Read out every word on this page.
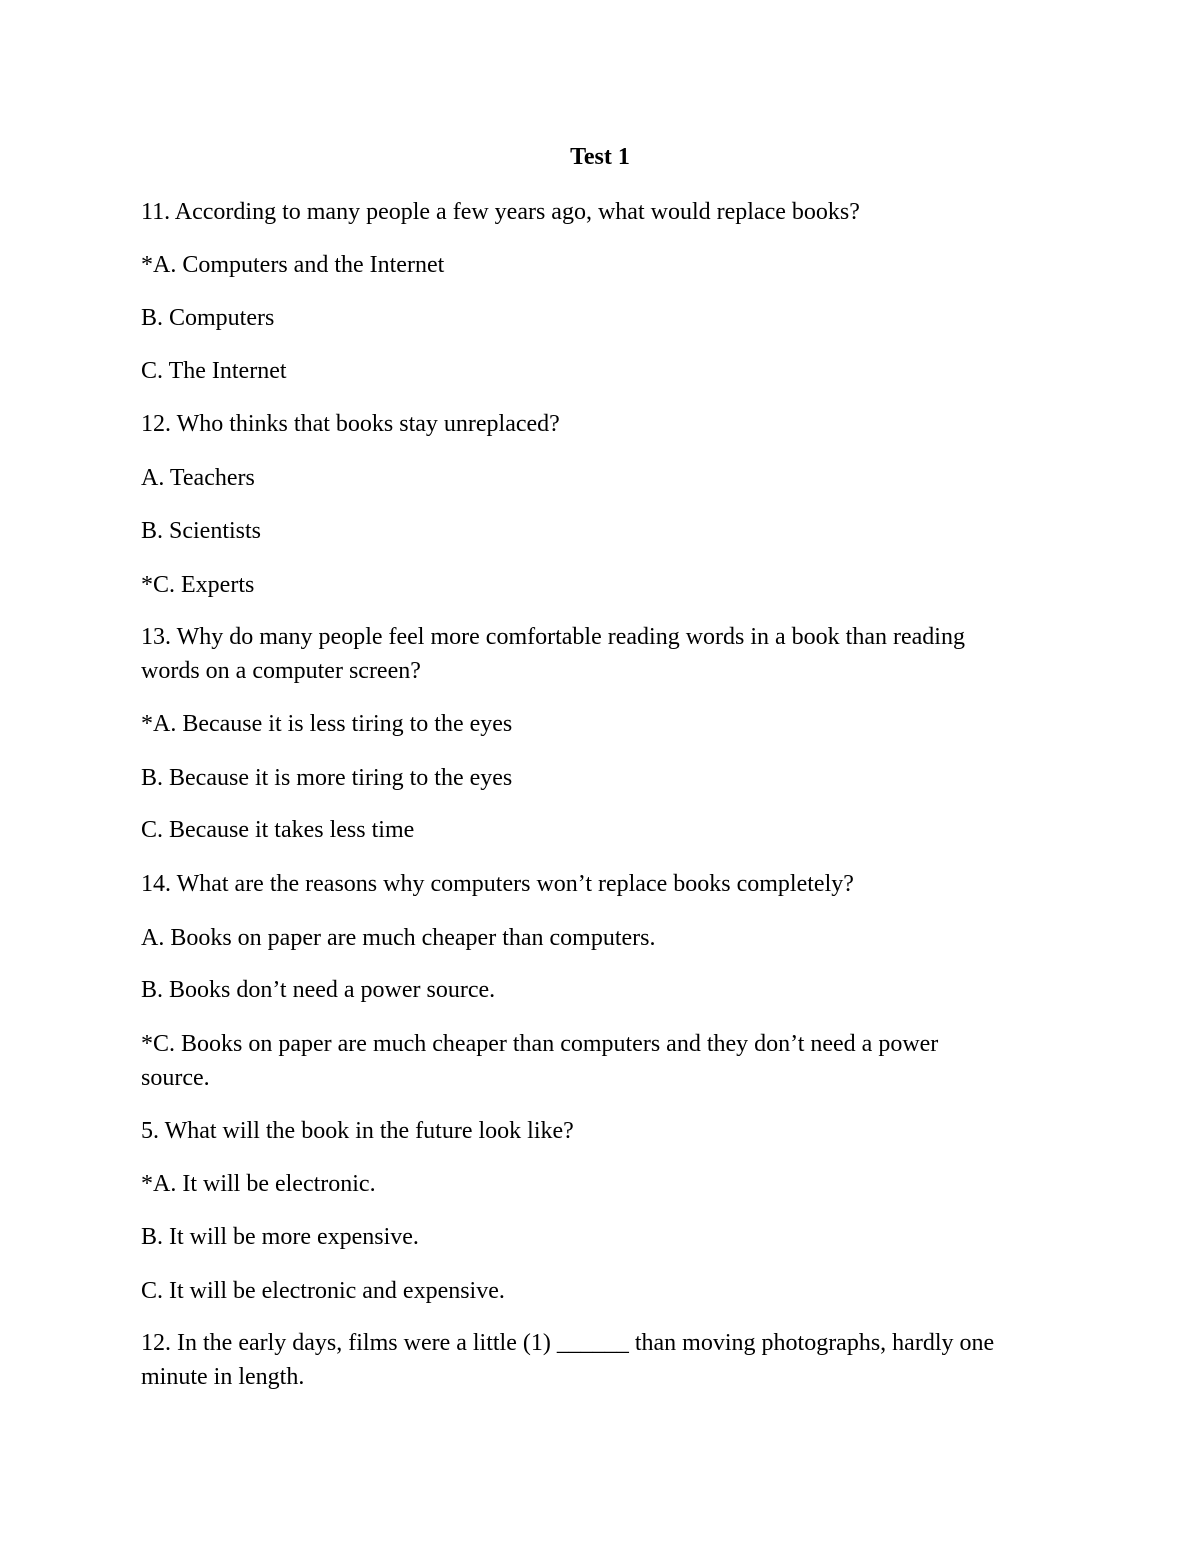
Test 1
11. According to many people a few years ago, what would replace books?
*A. Computers and the Internet
B. Computers
C. The Internet
12. Who thinks that books stay unreplaced?
A. Teachers
B. Scientists
*C. Experts
13. Why do many people feel more comfortable reading words in a book than reading
words on a computer screen?
*A. Because it is less tiring to the eyes
B. Because it is more tiring to the eyes
C. Because it takes less time
14. What are the reasons why computers won’t replace books completely?
A. Books on paper are much cheaper than computers.
B. Books don’t need a power source.
*C. Books on paper are much cheaper than computers and they don’t need a power
source.
5. What will the book in the future look like?
*A. It will be electronic.
B. It will be more expensive.
C. It will be electronic and expensive.
12. In the early days, films were a little (1) ______ than moving photographs, hardly one
minute in length.
